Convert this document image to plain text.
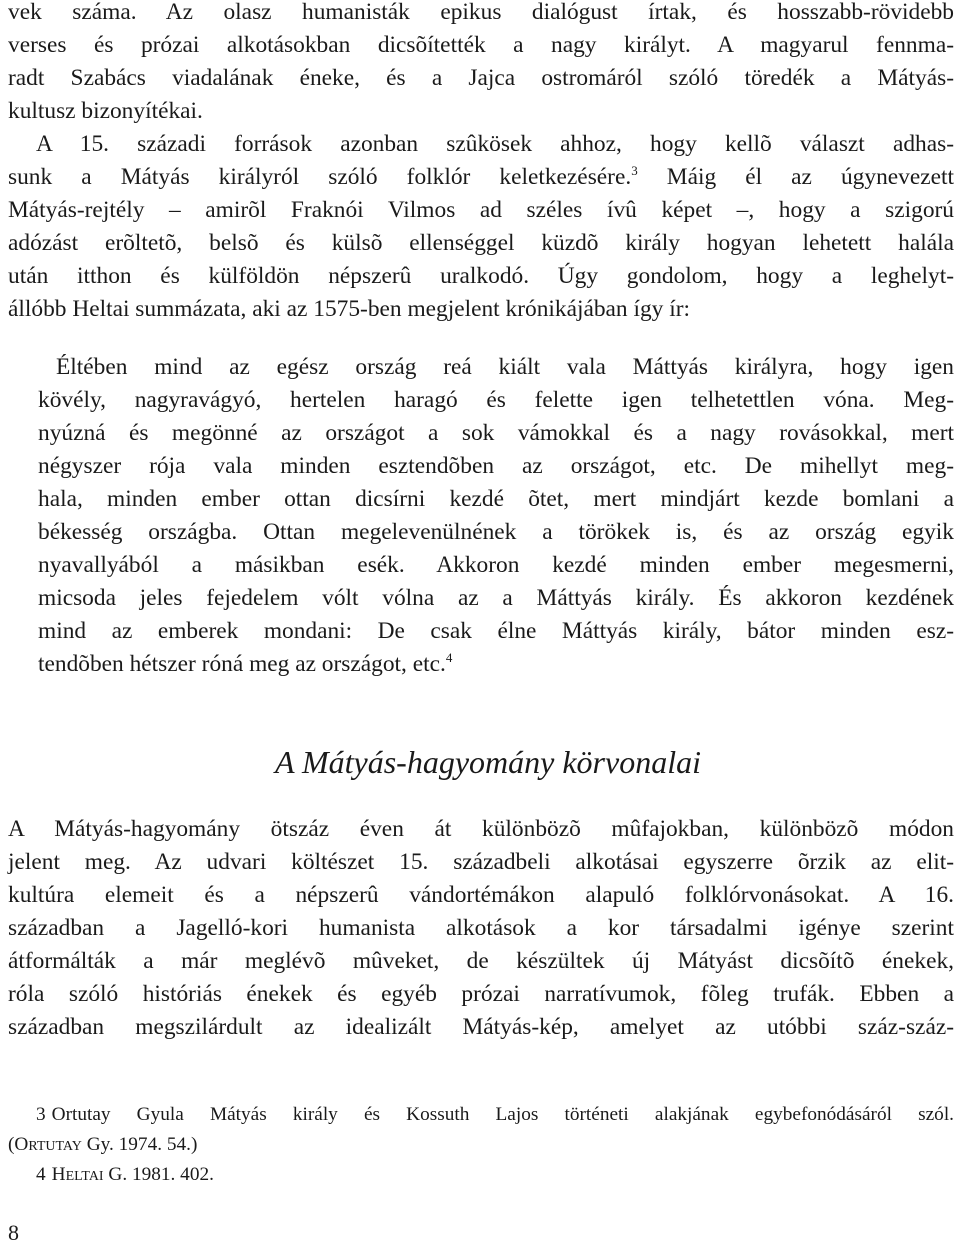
vek száma. Az olasz humanisták epikus dialógust írtak, és hosszabb-rövidebb
verses és prózai alkotásokban dicsõítették a nagy királyt. A magyarul fennma-
radt Szabács viadalának éneke, és a Jajca ostromáról szóló töredék a Mátyás-
kultusz bizonyítékai.
A 15. századi források azonban szûkösek ahhoz, hogy kellõ választ adhas-
sunk a Mátyás királyról szóló folklór keletkezésére.$^3$ Máig él az úgynevezett
Mátyás-rejtély – amirõl Fraknói Vilmos ad széles ívû képet –, hogy a szigorú
adózást erõltetõ, belsõ és külsõ ellenséggel küzdõ király hogyan lehetett halála
után itthon és külföldön népszerû uralkodó. Úgy gondolom, hogy a leghelyt-
állóbb Heltai summázata, aki az 1575-ben megjelent krónikájában így ír:
Éltében mind az egész ország reá kiált vala Máttyás királyra, hogy igen
kövély, nagyravágyó, hertelen haragó és felette igen telhetettlen vóna. Meg-
nyúzná és megönné az országot a sok vámokkal és a nagy rovásokkal, mert
négyszer rója vala minden esztendõben az országot, etc. De mihellyt meg-
hala, minden ember ottan dicsírni kezdé õtet, mert mindjárt kezde bomlani a
békesség országba. Ottan megelevenülnének a törökek is, és az ország egyik
nyavallyából a másikban esék. Akkoron kezdé minden ember megesmerni,
micsoda jeles fejedelem vólt vólna az a Máttyás király. És akkoron kezdének
mind az emberek mondani: De csak élne Máttyás király, bátor minden esz-
tendõben hétszer róná meg az országot, etc.$^4$
A Mátyás-hagyomány körvonalai
A Mátyás-hagyomány ötszáz éven át különbözõ mûfajokban, különbözõ módon
jelent meg. Az udvari költészet 15. századbeli alkotásai egyszerre õrzik az elit-
kultúra elemeit és a népszerû vándortémákon alapuló folklórvonásokat. A 16.
században a Jagelló-kori humanista alkotások a kor társadalmi igénye szerint
átformálták a már meglévõ mûveket, de készültek új Mátyást dicsõítõ énekek,
róla szóló históriás énekek és egyéb prózai narratívumok, fõleg trufák. Ebben a
században megszilárdult az idealizált Mátyás-kép, amelyet az utóbbi száz-száz-
3 Ortutay Gyula Mátyás király és Kossuth Lajos történeti alakjának egybefonódásáról szól.
(Ortutay Gy. 1974. 54.)
4 Heltai G. 1981. 402.
8
